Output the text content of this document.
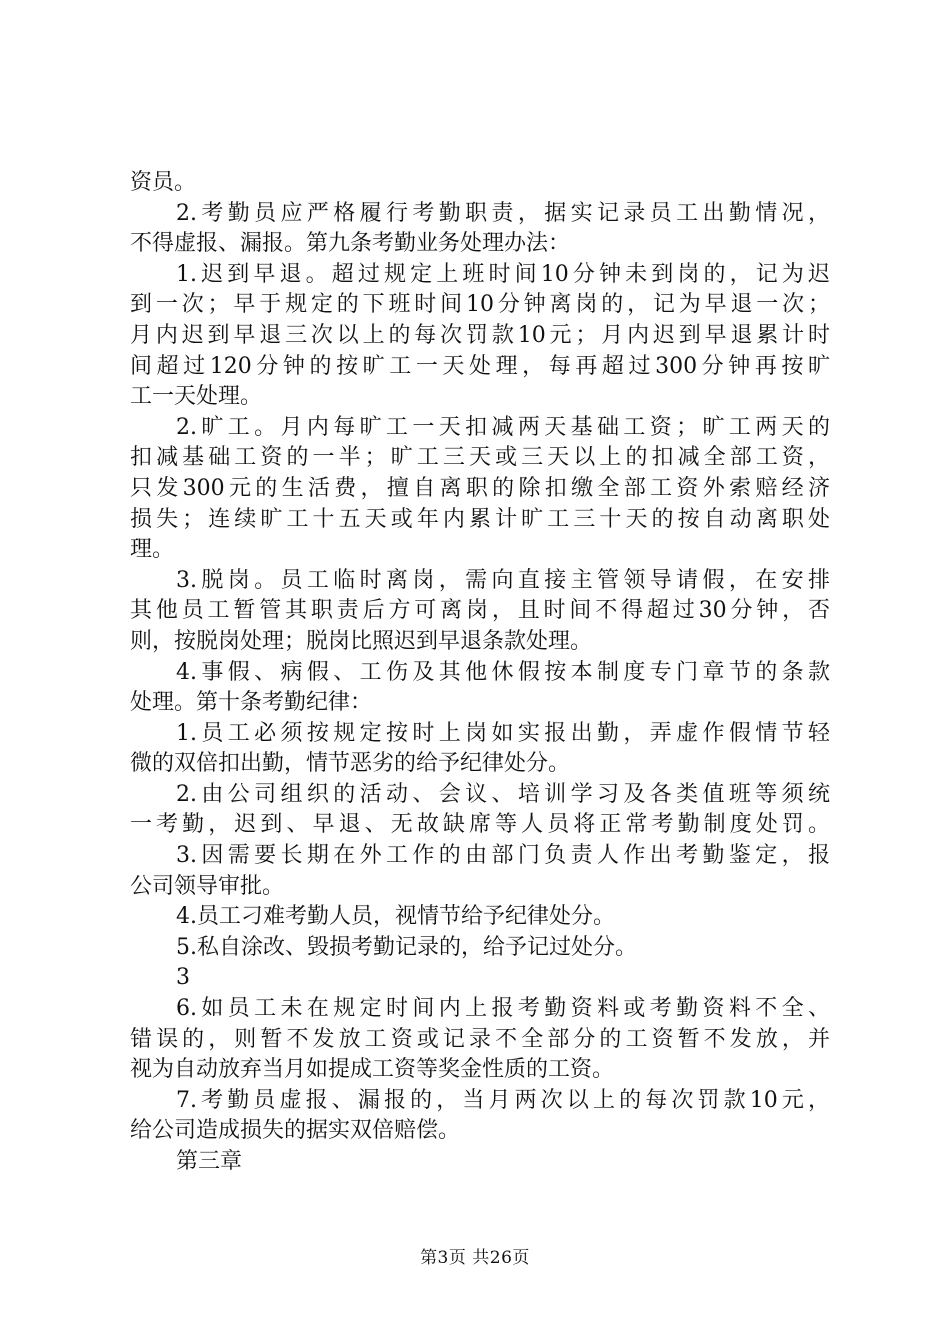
资员。
2.考勤员应严格履行考勤职责，据实记录员工出勤情况，
不得虚报、漏报。第九条考勤业务处理办法：
1.迟到早退。超过规定上班时间10分钟未到岗的，记为迟
到一次；早于规定的下班时间10分钟离岗的，记为早退一次；
月内迟到早退三次以上的每次罚款10元；月内迟到早退累计时
间超过120分钟的按旷工一天处理，每再超过300分钟再按旷
工一天处理。
2.旷工。月内每旷工一天扣减两天基础工资；旷工两天的
扣减基础工资的一半；旷工三天或三天以上的扣减全部工资，
只发300元的生活费，擅自离职的除扣缴全部工资外索赔经济
损失；连续旷工十五天或年内累计旷工三十天的按自动离职处
理。
3.脱岗。员工临时离岗，需向直接主管领导请假，在安排
其他员工暂管其职责后方可离岗，且时间不得超过30分钟，否
则，按脱岗处理；脱岗比照迟到早退条款处理。
4.事假、病假、工伤及其他休假按本制度专门章节的条款
处理。第十条考勤纪律：
1.员工必须按规定按时上岗如实报出勤，弄虚作假情节轻
微的双倍扣出勤，情节恶劣的给予纪律处分。
2.由公司组织的活动、会议、培训学习及各类值班等须统
一考勤，迟到、早退、无故缺席等人员将正常考勤制度处罚。
3.因需要长期在外工作的由部门负责人作出考勤鉴定，报
公司领导审批。
4.员工刁难考勤人员，视情节给予纪律处分。
5.私自涂改、毁损考勤记录的，给予记过处分。
3
6.如员工未在规定时间内上报考勤资料或考勤资料不全、
错误的，则暂不发放工资或记录不全部分的工资暂不发放，并
视为自动放弃当月如提成工资等奖金性质的工资。
7.考勤员虚报、漏报的，当月两次以上的每次罚款10元，
给公司造成损失的据实双倍赔偿。
第三章
第3页 共26页
